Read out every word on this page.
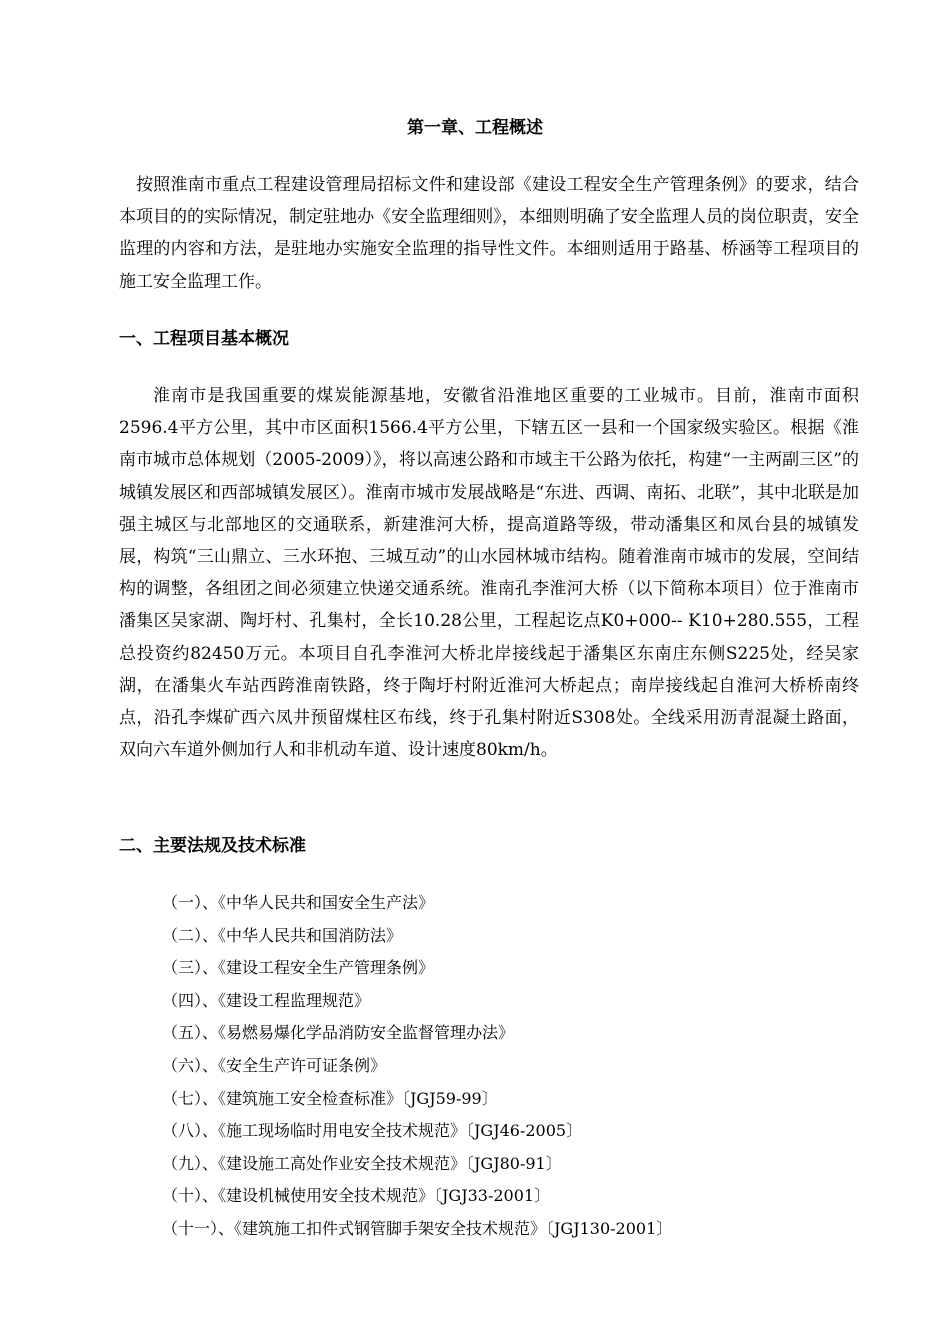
第一章、工程概述

按照淮南市重点工程建设管理局招标文件和建设部《建设工程安全生产管理条例》的要求，结合本项目的的实际情况，制定驻地办《安全监理细则》，本细则明确了安全监理人员的岗位职责，安全监理的内容和方法，是驻地办实施安全监理的指导性文件。本细则适用于路基、桥涵等工程项目的施工安全监理工作。

一、工程项目基本概况

淮南市是我国重要的煤炭能源基地，安徽省沿淮地区重要的工业城市。目前，淮南市面积2596.4平方公里，其中市区面积1566.4平方公里，下辖五区一县和一个国家级实验区。根据《淮南市城市总体规划（2005-2009）》，将以高速公路和市域主干公路为依托，构建“一主两副三区”的城镇发展区和西部城镇发展区）。淮南市城市发展战略是“东进、西调、南拓、北联”，其中北联是加强主城区与北部地区的交通联系，新建淮河大桥，提高道路等级，带动潘集区和凤台县的城镇发展，构筑“三山鼎立、三水环抱、三城互动”的山水园林城市结构。随着淮南市城市的发展，空间结构的调整，各组团之间必须建立快递交通系统。淮南孔李淮河大桥（以下简称本项目）位于淮南市潘集区吴家湖、陶圩村、孔集村，全长10.28公里，工程起讫点K0+000-- K10+280.555，工程总投资约82450万元。本项目自孔李淮河大桥北岸接线起于潘集区东南庄东侧S225处，经吴家湖，在潘集火车站西跨淮南铁路，终于陶圩村附近淮河大桥起点；南岸接线起自淮河大桥桥南终点，沿孔李煤矿西六凤井预留煤柱区布线，终于孔集村附近S308处。全线采用沥青混凝土路面，双向六车道外侧加行人和非机动车道、设计速度80km/h。

二、主要法规及技术标准
（一）、《中华人民共和国安全生产法》
（二）、《中华人民共和国消防法》
（三）、《建设工程安全生产管理条例》
（四）、《建设工程监理规范》
（五）、《易燃易爆化学品消防安全监督管理办法》
（六）、《安全生产许可证条例》
（七）、《建筑施工安全检查标准》〔JGJ59-99〕
（八）、《施工现场临时用电安全技术规范》〔JGJ46-2005〕
（九）、《建设施工高处作业安全技术规范》〔JGJ80-91〕
（十）、《建设机械使用安全技术规范》〔JGJ33-2001〕
（十一）、《建筑施工扣件式钢管脚手架安全技术规范》〔JGJ130-2001〕
